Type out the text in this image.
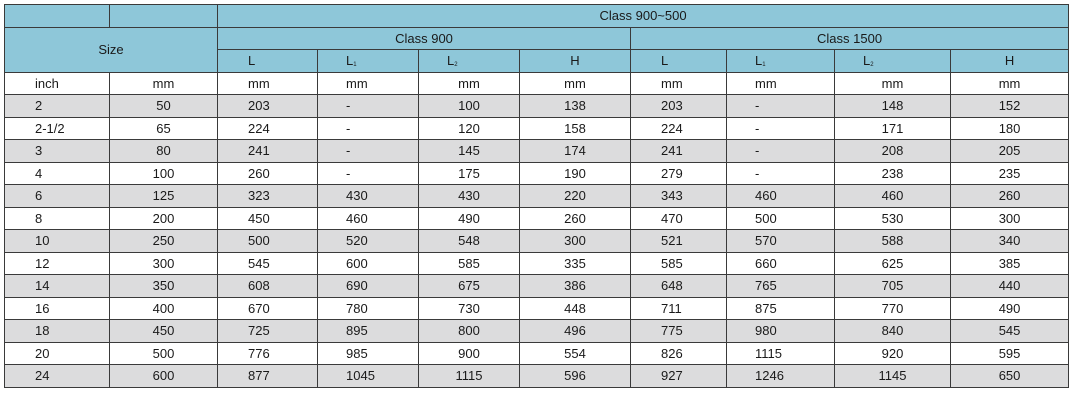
		Class 900~500							
Size		Class 900				Class 1500			
		L	$L_1$	$L_2$	H	L	$L_1$	$L_2$	H
inch	mm	mm	mm	mm	mm	mm	mm	mm	mm
2	50	203	-	100	138	203	-	148	152
2-1/2	65	224	-	120	158	224	-	171	180
3	80	241	-	145	174	241	-	208	205
4	100	260	-	175	190	279	-	238	235
6	125	323	430	430	220	343	460	460	260
8	200	450	460	490	260	470	500	530	300
10	250	500	520	548	300	521	570	588	340
12	300	545	600	585	335	585	660	625	385
14	350	608	690	675	386	648	765	705	440
16	400	670	780	730	448	711	875	770	490
18	450	725	895	800	496	775	980	840	545
20	500	776	985	900	554	826	1115	920	595
24	600	877	1045	1115	596	927	1246	1145	650
